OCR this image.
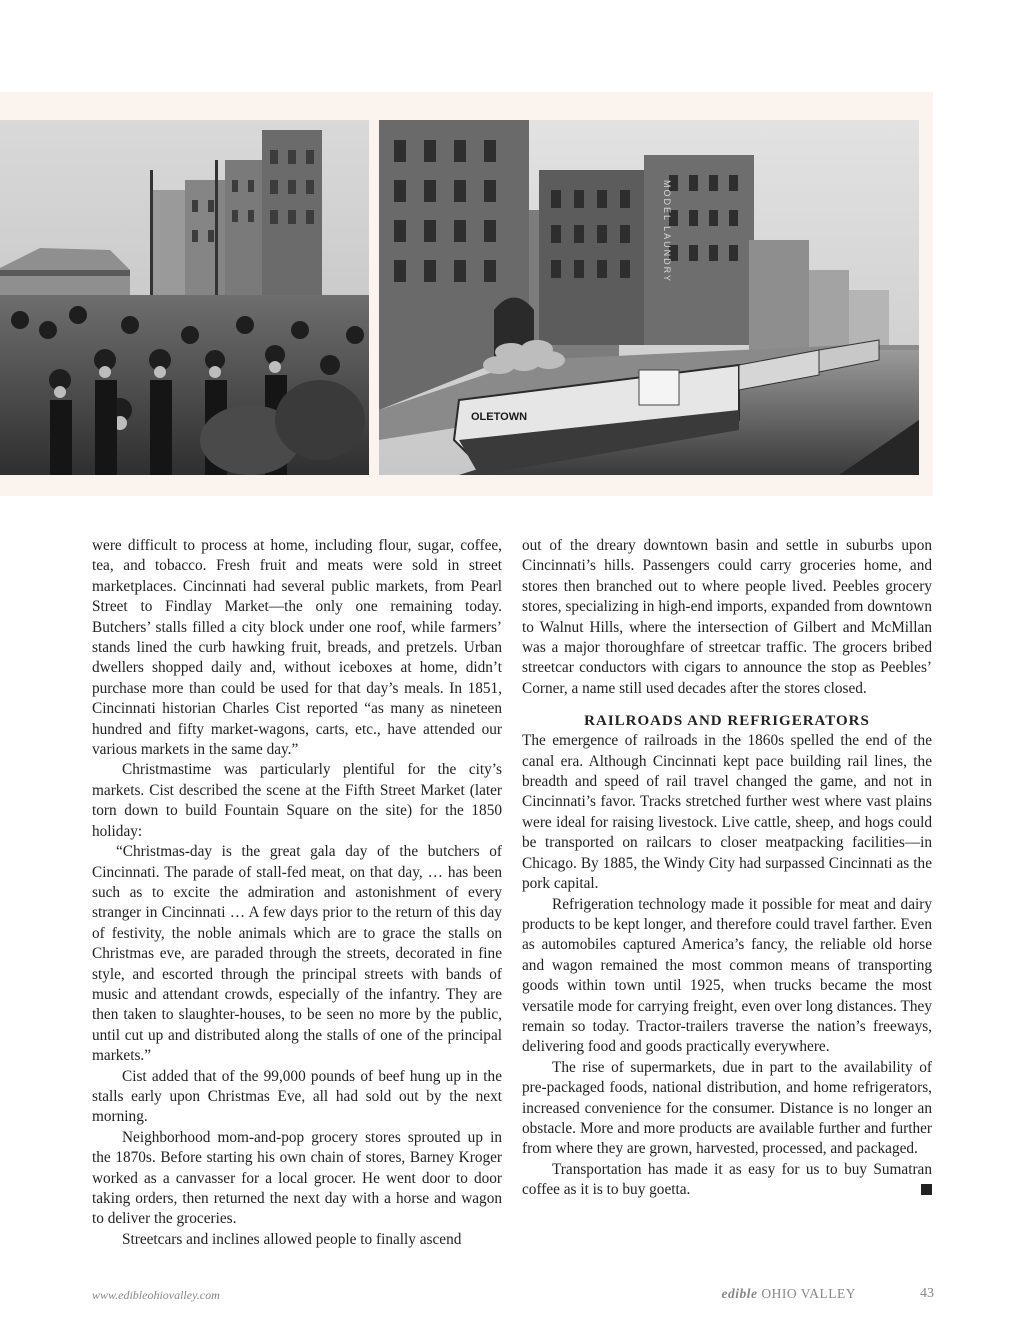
MODEL LAUNDRY
OLETOWN

were difficult to process at home, including flour, sugar, coffee, tea, and tobacco. Fresh fruit and meats were sold in street marketplaces. Cincinnati had several public markets, from Pearl Street to Findlay Market—the only one remaining today. Butchers’ stalls filled a city block under one roof, while farmers’ stands lined the curb hawking fruit, breads, and pretzels. Urban dwellers shopped daily and, without iceboxes at home, didn’t purchase more than could be used for that day’s meals. In 1851, Cincinnati historian Charles Cist reported “as many as nineteen hundred and fifty market-wagons, carts, etc., have attended our various markets in the same day.”

Christmastime was particularly plentiful for the city’s markets. Cist described the scene at the Fifth Street Market (later torn down to build Fountain Square on the site) for the 1850 holiday:

“Christmas-day is the great gala day of the butchers of Cincinnati. The parade of stall-fed meat, on that day, … has been such as to excite the admiration and astonishment of every stranger in Cincinnati … A few days prior to the return of this day of festivity, the noble animals which are to grace the stalls on Christmas eve, are paraded through the streets, decorated in fine style, and escorted through the principal streets with bands of music and attendant crowds, especially of the infantry. They are then taken to slaughter-houses, to be seen no more by the public, until cut up and distributed along the stalls of one of the principal markets.”

Cist added that of the 99,000 pounds of beef hung up in the stalls early upon Christmas Eve, all had sold out by the next morning.

Neighborhood mom-and-pop grocery stores sprouted up in the 1870s. Before starting his own chain of stores, Barney Kroger worked as a canvasser for a local grocer. He went door to door taking orders, then returned the next day with a horse and wagon to deliver the groceries.

Streetcars and inclines allowed people to finally ascend

out of the dreary downtown basin and settle in suburbs upon Cincinnati’s hills. Passengers could carry groceries home, and stores then branched out to where people lived. Peebles grocery stores, specializing in high-end imports, expanded from downtown to Walnut Hills, where the intersection of Gilbert and McMillan was a major thoroughfare of streetcar traffic. The grocers bribed streetcar conductors with cigars to announce the stop as Peebles’ Corner, a name still used decades after the stores closed.

RAILROADS AND REFRIGERATORS

The emergence of railroads in the 1860s spelled the end of the canal era. Although Cincinnati kept pace building rail lines, the breadth and speed of rail travel changed the game, and not in Cincinnati’s favor. Tracks stretched further west where vast plains were ideal for raising livestock. Live cattle, sheep, and hogs could be transported on railcars to closer meatpacking facilities—in Chicago. By 1885, the Windy City had surpassed Cincinnati as the pork capital.

Refrigeration technology made it possible for meat and dairy products to be kept longer, and therefore could travel farther. Even as automobiles captured America’s fancy, the reliable old horse and wagon remained the most common means of transporting goods within town until 1925, when trucks became the most versatile mode for carrying freight, even over long distances. They remain so today. Tractor-trailers traverse the nation’s freeways, delivering food and goods practically everywhere.

The rise of supermarkets, due in part to the availability of pre-packaged foods, national distribution, and home refrigerators, increased convenience for the consumer. Distance is no longer an obstacle. More and more products are available further and further from where they are grown, harvested, processed, and packaged.

Transportation has made it as easy for us to buy Sumatran coffee as it is to buy goetta.

www.edibleohiovalley.com	edible OHIO VALLEY	43
